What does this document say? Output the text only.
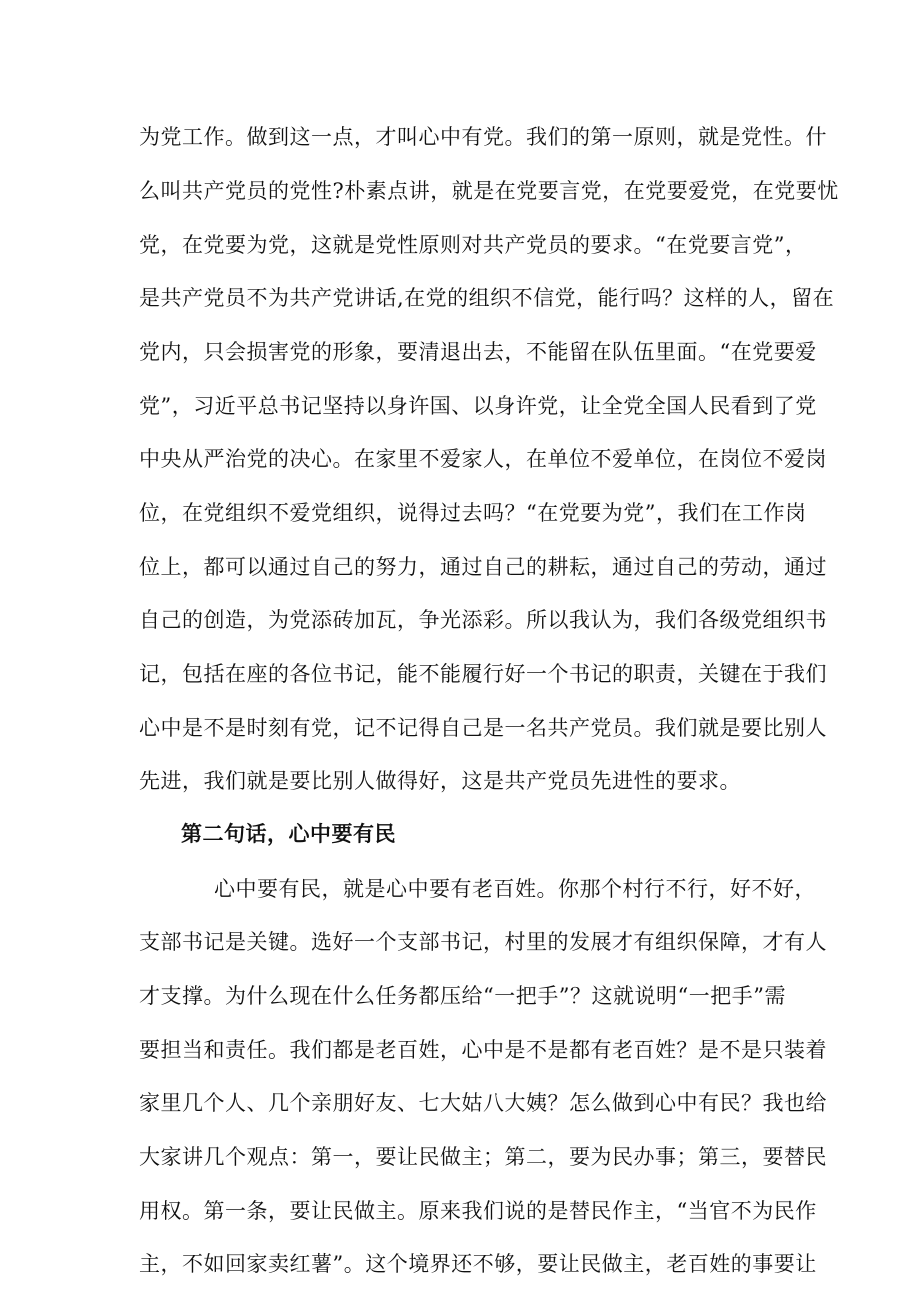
为党工作。做到这一点，才叫心中有党。我们的第一原则，就是党性。什
么叫共产党员的党性?朴素点讲，就是在党要言党，在党要爱党，在党要忧
党，在党要为党，这就是党性原则对共产党员的要求。“在党要言党”，
是共产党员不为共产党讲话,在党的组织不信党，能行吗？这样的人，留在
党内，只会损害党的形象，要清退出去，不能留在队伍里面。“在党要爱
党”，习近平总书记坚持以身许国、以身许党，让全党全国人民看到了党
中央从严治党的决心。在家里不爱家人，在单位不爱单位，在岗位不爱岗
位，在党组织不爱党组织，说得过去吗？“在党要为党”，我们在工作岗
位上，都可以通过自己的努力，通过自己的耕耘，通过自己的劳动，通过
自己的创造，为党添砖加瓦，争光添彩。所以我认为，我们各级党组织书
记，包括在座的各位书记，能不能履行好一个书记的职责，关键在于我们
心中是不是时刻有党，记不记得自己是一名共产党员。我们就是要比别人
先进，我们就是要比别人做得好，这是共产党员先进性的要求。
第二句话，心中要有民
心中要有民，就是心中要有老百姓。你那个村行不行，好不好，
支部书记是关键。选好一个支部书记，村里的发展才有组织保障，才有人
才支撑。为什么现在什么任务都压给“一把手”？这就说明“一把手”需
要担当和责任。我们都是老百姓，心中是不是都有老百姓？是不是只装着
家里几个人、几个亲朋好友、七大姑八大姨？怎么做到心中有民？我也给
大家讲几个观点：第一，要让民做主；第二，要为民办事；第三，要替民
用权。第一条，要让民做主。原来我们说的是替民作主，“当官不为民作
主，不如回家卖红薯”。这个境界还不够，要让民做主，老百姓的事要让
